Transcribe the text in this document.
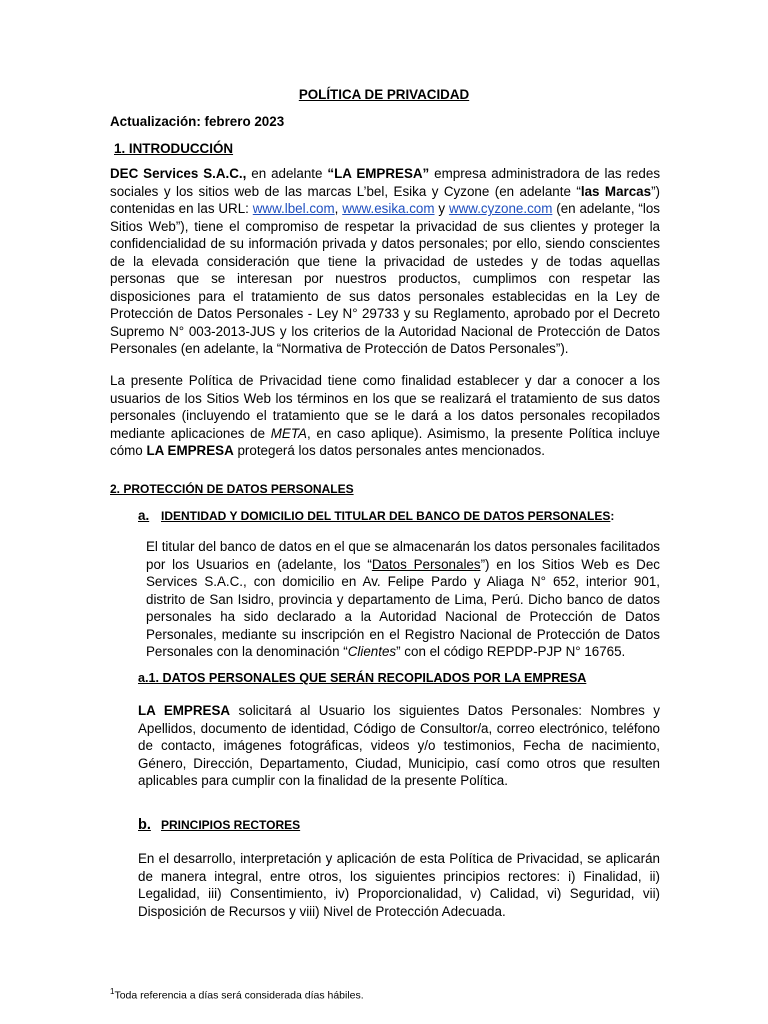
POLÍTICA DE PRIVACIDAD
Actualización: febrero 2023
1. INTRODUCCIÓN

DEC Services S.A.C., en adelante “LA EMPRESA” empresa administradora de las redes sociales y los sitios web de las marcas L’bel, Esika y Cyzone (en adelante “las Marcas”) contenidas en las URL: www.lbel.com, www.esika.com y www.cyzone.com (en adelante, “los Sitios Web”), tiene el compromiso de respetar la privacidad de sus clientes y proteger la confidencialidad de su información privada y datos personales; por ello, siendo conscientes de la elevada consideración que tiene la privacidad de ustedes y de todas aquellas personas que se interesan por nuestros productos, cumplimos con respetar las disposiciones para el tratamiento de sus datos personales establecidas en la Ley de Protección de Datos Personales - Ley N° 29733 y su Reglamento, aprobado por el Decreto Supremo N° 003-2013-JUS y los criterios de la Autoridad Nacional de Protección de Datos Personales (en adelante, la “Normativa de Protección de Datos Personales”).

La presente Política de Privacidad tiene como finalidad establecer y dar a conocer a los usuarios de los Sitios Web los términos en los que se realizará el tratamiento de sus datos personales (incluyendo el tratamiento que se le dará a los datos personales recopilados mediante aplicaciones de META, en caso aplique). Asimismo, la presente Política incluye cómo LA EMPRESA protegerá los datos personales antes mencionados.

2. PROTECCIÓN DE DATOS PERSONALES
a. IDENTIDAD Y DOMICILIO DEL TITULAR DEL BANCO DE DATOS PERSONALES:

El titular del banco de datos en el que se almacenarán los datos personales facilitados por los Usuarios en (adelante, los “Datos Personales”) en los Sitios Web es Dec Services S.A.C., con domicilio en Av. Felipe Pardo y Aliaga N° 652, interior 901, distrito de San Isidro, provincia y departamento de Lima, Perú. Dicho banco de datos personales ha sido declarado a la Autoridad Nacional de Protección de Datos Personales, mediante su inscripción en el Registro Nacional de Protección de Datos Personales con la denominación “Clientes” con el código REPDP-PJP N° 16765.

a.1. DATOS PERSONALES QUE SERÁN RECOPILADOS POR LA EMPRESA

LA EMPRESA solicitará al Usuario los siguientes Datos Personales: Nombres y Apellidos, documento de identidad, Código de Consultor/a, correo electrónico, teléfono de contacto, imágenes fotográficas, videos y/o testimonios, Fecha de nacimiento, Género, Dirección, Departamento, Ciudad, Municipio, casí como otros que resulten aplicables para cumplir con la finalidad de la presente Política.

b. PRINCIPIOS RECTORES

En el desarrollo, interpretación y aplicación de esta Política de Privacidad, se aplicarán de manera integral, entre otros, los siguientes principios rectores: i) Finalidad, ii) Legalidad, iii) Consentimiento, iv) Proporcionalidad, v) Calidad, vi) Seguridad, vii) Disposición de Recursos y viii) Nivel de Protección Adecuada.

$^1$Toda referencia a días será considerada días hábiles.
